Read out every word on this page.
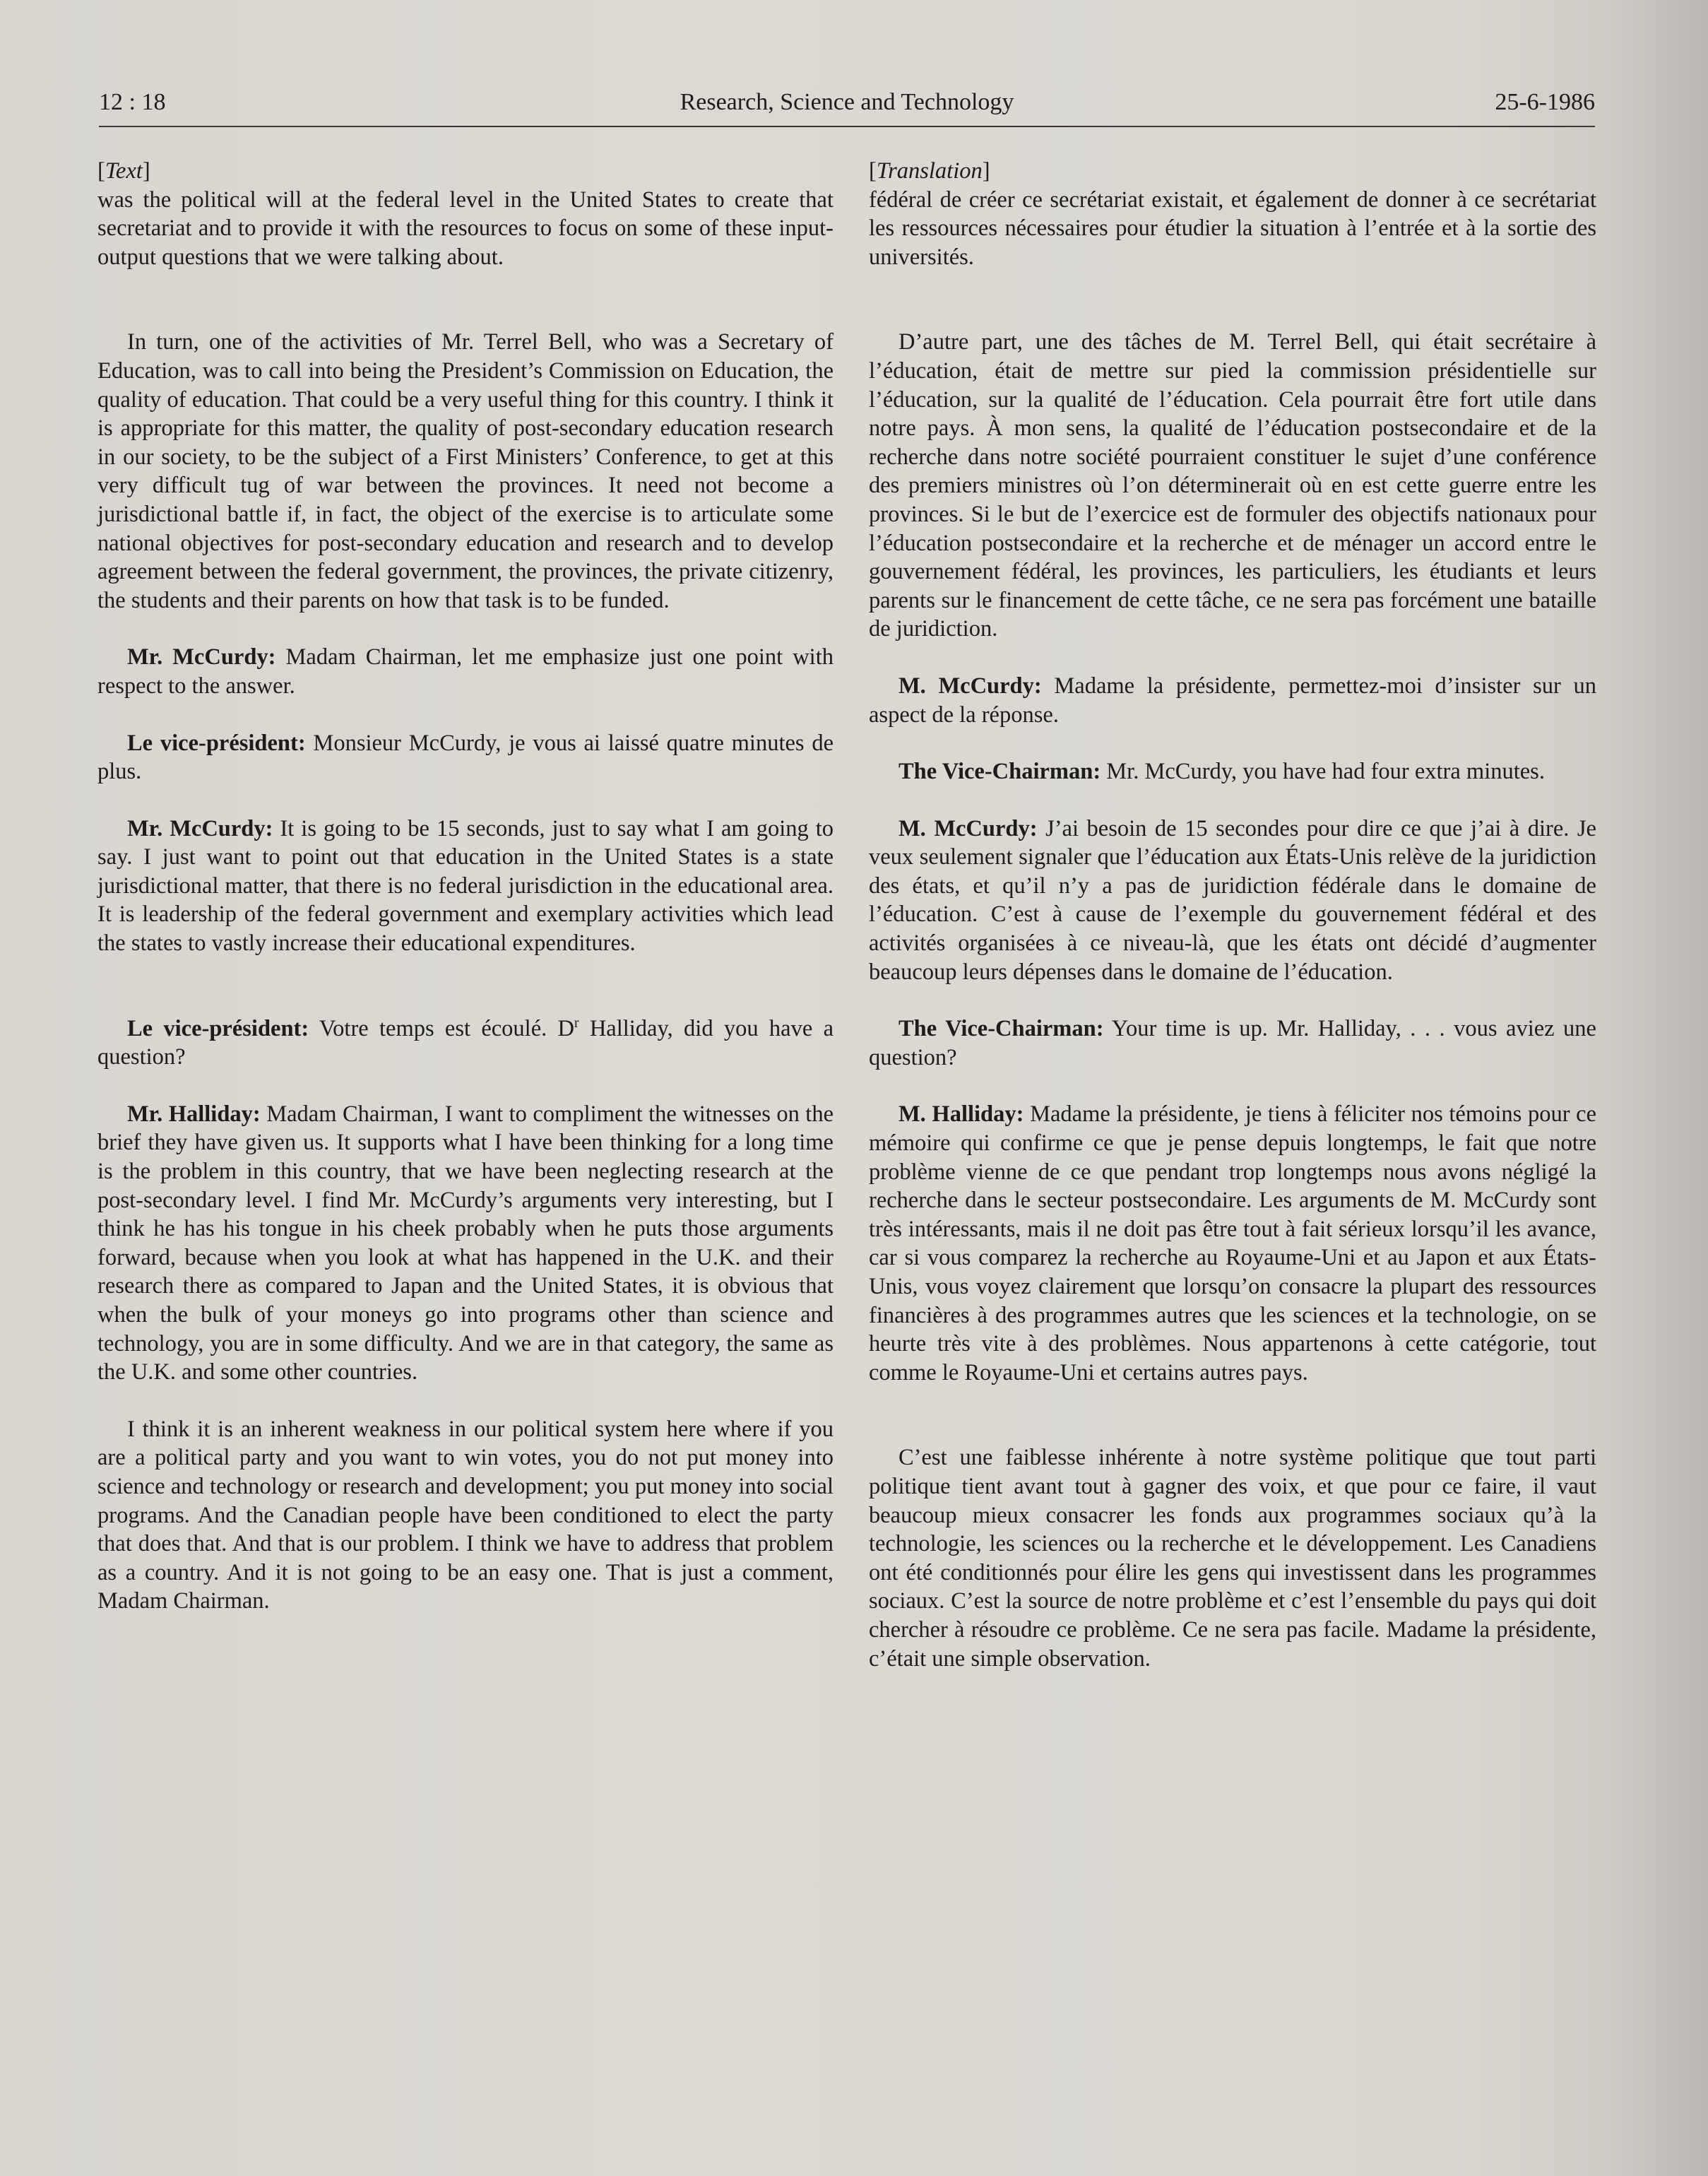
12 : 18	Research, Science and Technology	25-6-1986

[Text]

was the political will at the federal level in the United States to create that secretariat and to provide it with the resources to focus on some of these input-output questions that we were talking about.

In turn, one of the activities of Mr. Terrel Bell, who was a Secretary of Education, was to call into being the President’s Commission on Education, the quality of education. That could be a very useful thing for this country. I think it is appropriate for this matter, the quality of post-secondary education research in our society, to be the subject of a First Ministers’ Conference, to get at this very difficult tug of war between the provinces. It need not become a jurisdictional battle if, in fact, the object of the exercise is to articulate some national objectives for post-secondary education and research and to develop agreement between the federal government, the provinces, the private citizenry, the students and their parents on how that task is to be funded.

Mr. McCurdy: Madam Chairman, let me emphasize just one point with respect to the answer.

Le vice-président: Monsieur McCurdy, je vous ai laissé quatre minutes de plus.

Mr. McCurdy: It is going to be 15 seconds, just to say what I am going to say. I just want to point out that education in the United States is a state jurisdictional matter, that there is no federal jurisdiction in the educational area. It is leadership of the federal government and exemplary activities which lead the states to vastly increase their educational expenditures.

Le vice-président: Votre temps est écoulé. $D^r$ Halliday, did you have a question?

Mr. Halliday: Madam Chairman, I want to compliment the witnesses on the brief they have given us. It supports what I have been thinking for a long time is the problem in this country, that we have been neglecting research at the post-secondary level. I find Mr. McCurdy’s arguments very interesting, but I think he has his tongue in his cheek probably when he puts those arguments forward, because when you look at what has happened in the U.K. and their research there as compared to Japan and the United States, it is obvious that when the bulk of your moneys go into programs other than science and technology, you are in some difficulty. And we are in that category, the same as the U.K. and some other countries.

I think it is an inherent weakness in our political system here where if you are a political party and you want to win votes, you do not put money into science and technology or research and development; you put money into social programs. And the Canadian people have been conditioned to elect the party that does that. And that is our problem. I think we have to address that problem as a country. And it is not going to be an easy one. That is just a comment, Madam Chairman.

[Translation]

fédéral de créer ce secrétariat existait, et également de donner à ce secrétariat les ressources nécessaires pour étudier la situation à l’entrée et à la sortie des universités.

D’autre part, une des tâches de M. Terrel Bell, qui était secrétaire à l’éducation, était de mettre sur pied la commission présidentielle sur l’éducation, sur la qualité de l’éducation. Cela pourrait être fort utile dans notre pays. À mon sens, la qualité de l’éducation postsecondaire et de la recherche dans notre société pourraient constituer le sujet d’une conférence des premiers ministres où l’on déterminerait où en est cette guerre entre les provinces. Si le but de l’exercice est de formuler des objectifs nationaux pour l’éducation postsecondaire et la recherche et de ménager un accord entre le gouvernement fédéral, les provinces, les particuliers, les étudiants et leurs parents sur le financement de cette tâche, ce ne sera pas forcément une bataille de juridiction.

M. McCurdy: Madame la présidente, permettez-moi d’insister sur un aspect de la réponse.

The Vice-Chairman: Mr. McCurdy, you have had four extra minutes.

M. McCurdy: J’ai besoin de 15 secondes pour dire ce que j’ai à dire. Je veux seulement signaler que l’éducation aux États-Unis relève de la juridiction des états, et qu’il n’y a pas de juridiction fédérale dans le domaine de l’éducation. C’est à cause de l’exemple du gouvernement fédéral et des activités organisées à ce niveau-là, que les états ont décidé d’augmenter beaucoup leurs dépenses dans le domaine de l’éducation.

The Vice-Chairman: Your time is up. Mr. Halliday, . . . vous aviez une question?

M. Halliday: Madame la présidente, je tiens à féliciter nos témoins pour ce mémoire qui confirme ce que je pense depuis longtemps, le fait que notre problème vienne de ce que pendant trop longtemps nous avons négligé la recherche dans le secteur postsecondaire. Les arguments de M. McCurdy sont très intéressants, mais il ne doit pas être tout à fait sérieux lorsqu’il les avance, car si vous comparez la recherche au Royaume-Uni et au Japon et aux États-Unis, vous voyez clairement que lorsqu’on consacre la plupart des ressources financières à des programmes autres que les sciences et la technologie, on se heurte très vite à des problèmes. Nous appartenons à cette catégorie, tout comme le Royaume-Uni et certains autres pays.

C’est une faiblesse inhérente à notre système politique que tout parti politique tient avant tout à gagner des voix, et que pour ce faire, il vaut beaucoup mieux consacrer les fonds aux programmes sociaux qu’à la technologie, les sciences ou la recherche et le développement. Les Canadiens ont été conditionnés pour élire les gens qui investissent dans les programmes sociaux. C’est la source de notre problème et c’est l’ensemble du pays qui doit chercher à résoudre ce problème. Ce ne sera pas facile. Madame la présidente, c’était une simple observation.
